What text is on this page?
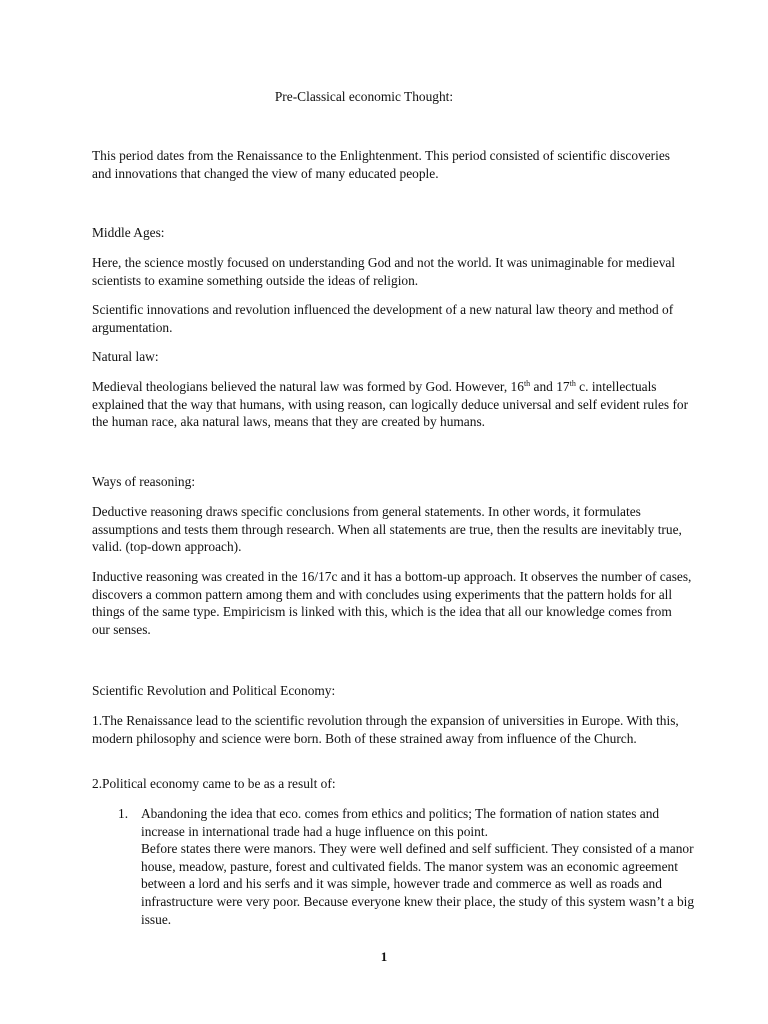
Pre-Classical economic Thought:

This period dates from the Renaissance to the Enlightenment. This period consisted of scientific discoveries and innovations that changed the view of many educated people.

Middle Ages:

Here, the science mostly focused on understanding God and not the world. It was unimaginable for medieval scientists to examine something outside the ideas of religion.

Scientific innovations and revolution influenced the development of a new natural law theory and method of argumentation.

Natural law:

Medieval theologians believed the natural law was formed by God. However, 16th and 17th c. intellectuals explained that the way that humans, with using reason, can logically deduce universal and self evident rules for the human race, aka natural laws, means that they are created by humans.

Ways of reasoning:

Deductive reasoning draws specific conclusions from general statements. In other words, it formulates assumptions and tests them through research. When all statements are true, then the results are inevitably true, valid. (top-down approach).

Inductive reasoning was created in the 16/17c and it has a bottom-up approach. It observes the number of cases, discovers a common pattern among them and with concludes using experiments that the pattern holds for all things of the same type. Empiricism is linked with this, which is the idea that all our knowledge comes from our senses.

Scientific Revolution and Political Economy:

1.The Renaissance lead to the scientific revolution through the expansion of universities in Europe. With this, modern philosophy and science were born. Both of these strained away from influence of the Church.

2.Political economy came to be as a result of:

1. Abandoning the idea that eco. comes from ethics and politics; The formation of nation states and increase in international trade had a huge influence on this point.
Before states there were manors. They were well defined and self sufficient. They consisted of a manor house, meadow, pasture, forest and cultivated fields. The manor system was an economic agreement between a lord and his serfs and it was simple, however trade and commerce as well as roads and infrastructure were very poor. Because everyone knew their place, the study of this system wasn’t a big issue.
1
